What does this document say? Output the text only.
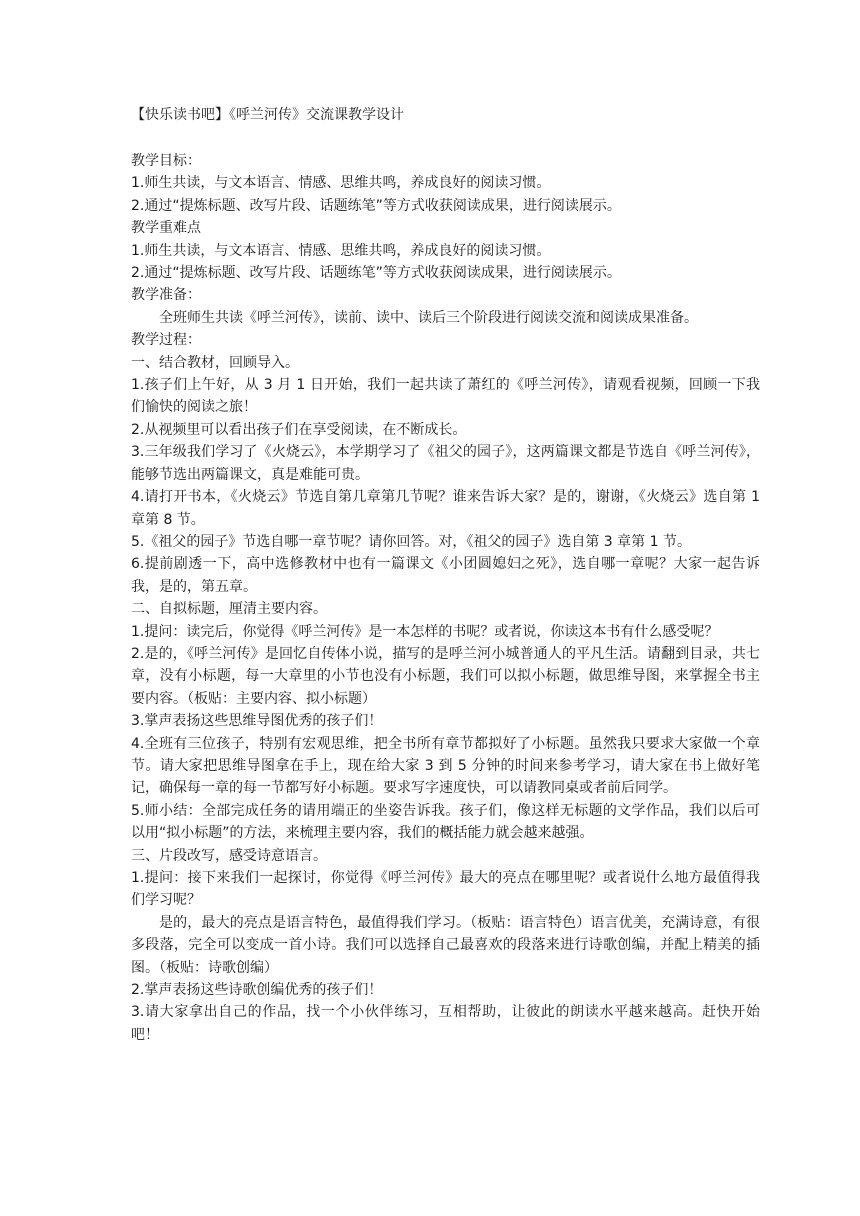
【快乐读书吧】《呼兰河传》交流课教学设计

教学目标：

1.师生共读，与文本语言、情感、思维共鸣，养成良好的阅读习惯。

2.通过“提炼标题、改写片段、话题练笔”等方式收获阅读成果，进行阅读展示。

教学重难点

1.师生共读，与文本语言、情感、思维共鸣，养成良好的阅读习惯。

2.通过“提炼标题、改写片段、话题练笔”等方式收获阅读成果，进行阅读展示。

教学准备：

全班师生共读《呼兰河传》，读前、读中、读后三个阶段进行阅读交流和阅读成果准备。

教学过程：

一、结合教材，回顾导入。

1.孩子们上午好，从 3 月 1 日开始，我们一起共读了萧红的《呼兰河传》，请观看视频，回顾一下我们愉快的阅读之旅！

2.从视频里可以看出孩子们在享受阅读，在不断成长。

3.三年级我们学习了《火烧云》，本学期学习了《祖父的园子》，这两篇课文都是节选自《呼兰河传》，能够节选出两篇课文，真是难能可贵。

4.请打开书本，《火烧云》节选自第几章第几节呢？谁来告诉大家？是的，谢谢，《火烧云》选自第 1 章第 8 节。

5.《祖父的园子》节选自哪一章节呢？请你回答。对，《祖父的园子》选自第 3 章第 1 节。

6.提前剧透一下，高中选修教材中也有一篇课文《小团圆媳妇之死》，选自哪一章呢？大家一起告诉我，是的，第五章。

二、自拟标题，厘清主要内容。

1.提问：读完后，你觉得《呼兰河传》是一本怎样的书呢？或者说，你读这本书有什么感受呢？

2.是的，《呼兰河传》是回忆自传体小说，描写的是呼兰河小城普通人的平凡生活。请翻到目录，共七章，没有小标题，每一大章里的小节也没有小标题，我们可以拟小标题，做思维导图，来掌握全书主要内容。（板贴：主要内容、拟小标题）

3.掌声表扬这些思维导图优秀的孩子们！

4.全班有三位孩子，特别有宏观思维，把全书所有章节都拟好了小标题。虽然我只要求大家做一个章节。请大家把思维导图拿在手上，现在给大家 3 到 5 分钟的时间来参考学习，请大家在书上做好笔记，确保每一章的每一节都写好小标题。要求写字速度快，可以请教同桌或者前后同学。

5.师小结：全部完成任务的请用端正的坐姿告诉我。孩子们，像这样无标题的文学作品，我们以后可以用“拟小标题”的方法，来梳理主要内容，我们的概括能力就会越来越强。

三、片段改写，感受诗意语言。

1.提问：接下来我们一起探讨，你觉得《呼兰河传》最大的亮点在哪里呢？或者说什么地方最值得我们学习呢？

是的，最大的亮点是语言特色，最值得我们学习。（板贴：语言特色）语言优美，充满诗意，有很多段落，完全可以变成一首小诗。我们可以选择自己最喜欢的段落来进行诗歌创编，并配上精美的插图。（板贴：诗歌创编）

2.掌声表扬这些诗歌创编优秀的孩子们！

3.请大家拿出自己的作品，找一个小伙伴练习，互相帮助，让彼此的朗读水平越来越高。赶快开始吧！
